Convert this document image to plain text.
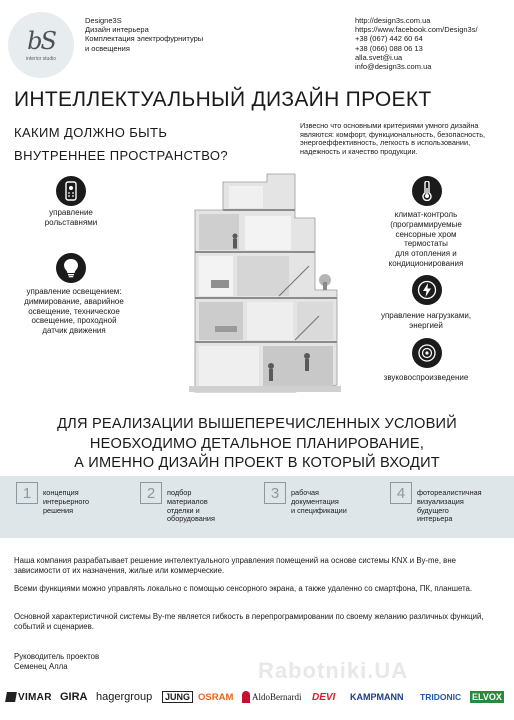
bS
interior studio
Designe3S
Дизайн интерьера
Комплектация электрофурнитуры
и освещения
http://design3s.com.ua
https://www.facebook.com/Design3s/
+38 (067) 442 60 64
+38 (066) 088 06 13
alla.svet@i.ua
info@design3s.com.ua
ИНТЕЛЛЕКТУАЛЬНЫЙ ДИЗАЙН ПРОЕКТ
КАКИМ ДОЛЖНО БЫТЬ
ВНУТРЕННЕЕ ПРОСТРАНСТВО?
Извесно что основными критериями умного дизайна являются: комфорт, функциональность, безопасность, энергоеффективность, легкость в использовании, надежность и качество продукции.
управление
рольставнями
управление освещением:
диммирование, аварийное
освещение, техническое
освещение, проходной
датчик движения
климат-контроль
(программируемые
сенсорные хром
термостаты
для отопления и
кондиционирования
управление нагрузками,
энергией
звуковоспроизведение
ДЛЯ РЕАЛИЗАЦИИ ВЫШЕПЕРЕЧИСЛЕННЫХ УСЛОВИЙ
НЕОБХОДИМО ДЕТАЛЬНОЕ ПЛАНИРОВАНИЕ,
А ИМЕННО ДИЗАЙН ПРОЕКТ В КОТОРЫЙ ВХОДИТ
1	концепция
интерьерного
решения
2	подбор
материалов
отделки и
оборудования
3	рабочая
документация
и спецификации
4	фотореалистичная
визуализация
будущего
интерьера
Наша компания разрабатывает решение интелектуального управления помещений на основе системы KNX и By-me, вне зависимости от их назначения, жилые или коммерческие.
Всеми функциями можно управлять локально с помощью сенсорного экрана, а также удаленно со смартфона, ПК, планшета.
Основной характеристичной системы By-me является гибкость в перепрограмировании по своему желанию различных функций, событий и сценариев.
Rabotniki.UA
Руководитель проектов
Семенец Алла
VIMAR GIRA hagergroup	JUNG OSRAM AldoBernardi DEVI KAMPMANN TRIDONIC ELVOX
